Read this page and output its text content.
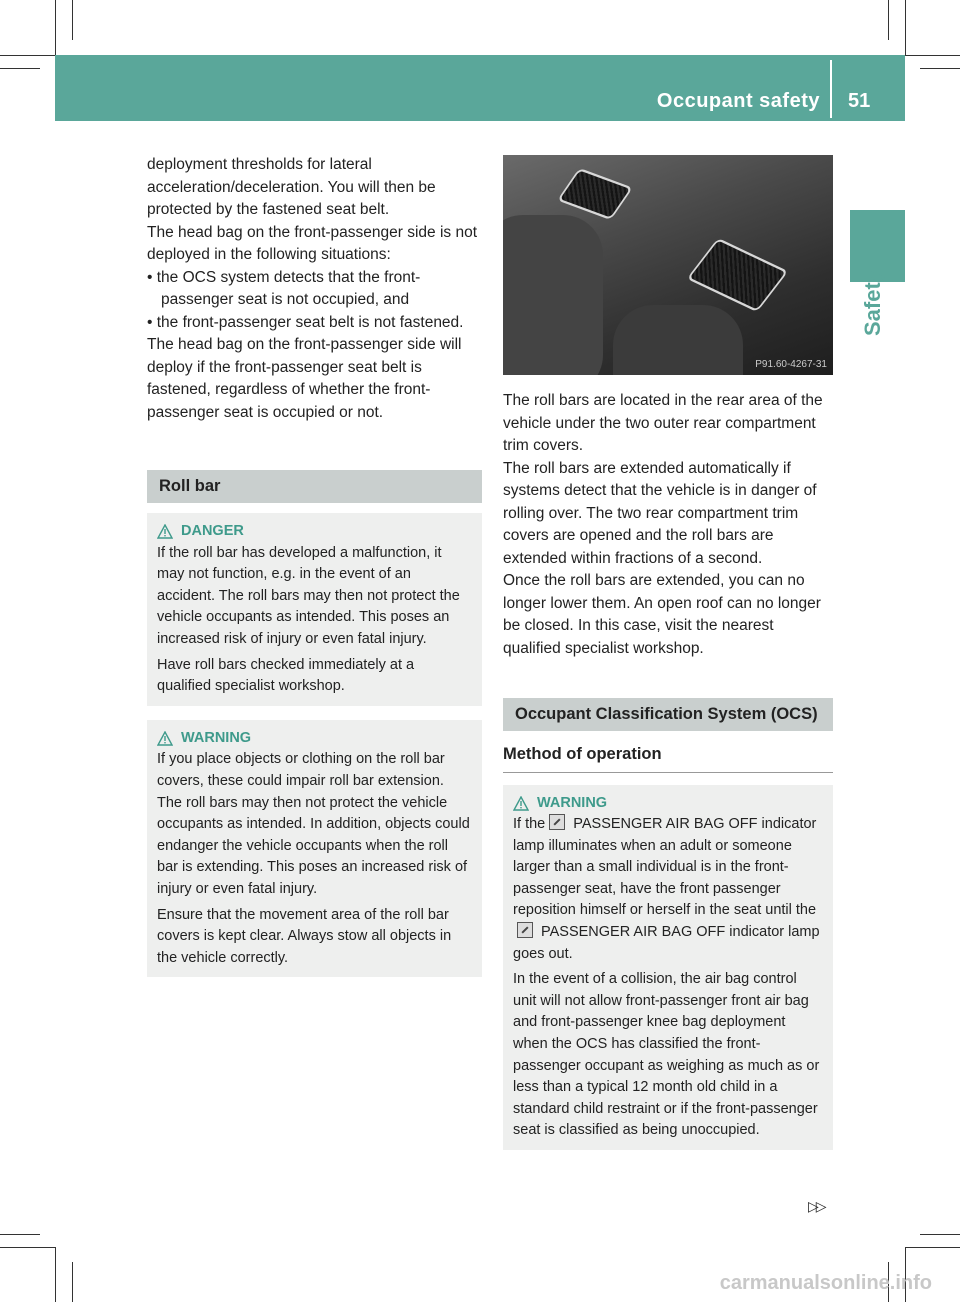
Occupant safety 51
Safety

deployment thresholds for lateral acceleration/deceleration. You will then be protected by the fastened seat belt.

The head bag on the front-passenger side is not deployed in the following situations:

• the OCS system detects that the front-passenger seat is not occupied, and

• the front-passenger seat belt is not fastened.

The head bag on the front-passenger side will deploy if the front-passenger seat belt is fastened, regardless of whether the front-passenger seat is occupied or not.

Roll bar
DANGER

If the roll bar has developed a malfunction, it may not function, e.g. in the event of an accident. The roll bars may then not protect the vehicle occupants as intended. This poses an increased risk of injury or even fatal injury.

Have roll bars checked immediately at a qualified specialist workshop.

WARNING

If you place objects or clothing on the roll bar covers, these could impair roll bar extension. The roll bars may then not protect the vehicle occupants as intended. In addition, objects could endanger the vehicle occupants when the roll bar is extending. This poses an increased risk of injury or even fatal injury.

Ensure that the movement area of the roll bar covers is kept clear. Always stow all objects in the vehicle correctly.

P91.60-4267-31

The roll bars are located in the rear area of the vehicle under the two outer rear compartment trim covers.

The roll bars are extended automatically if systems detect that the vehicle is in danger of rolling over. The two rear compartment trim covers are opened and the roll bars are extended within fractions of a second.

Once the roll bars are extended, you can no longer lower them. An open roof can no longer be closed. In this case, visit the nearest qualified specialist workshop.

Occupant Classification System (OCS)
Method of operation
WARNING

If the PASSENGER AIR BAG OFF indicator lamp illuminates when an adult or someone larger than a small individual is in the front-passenger seat, have the front passenger reposition himself or herself in the seat until the PASSENGER AIR BAG OFF indicator lamp goes out.

In the event of a collision, the air bag control unit will not allow front-passenger front air bag and front-passenger knee bag deployment when the OCS has classified the front-passenger occupant as weighing as much as or less than a typical 12 month old child in a standard child restraint or if the front-passenger seat is classified as being unoccupied.

▷▷
carmanualsonline.info
